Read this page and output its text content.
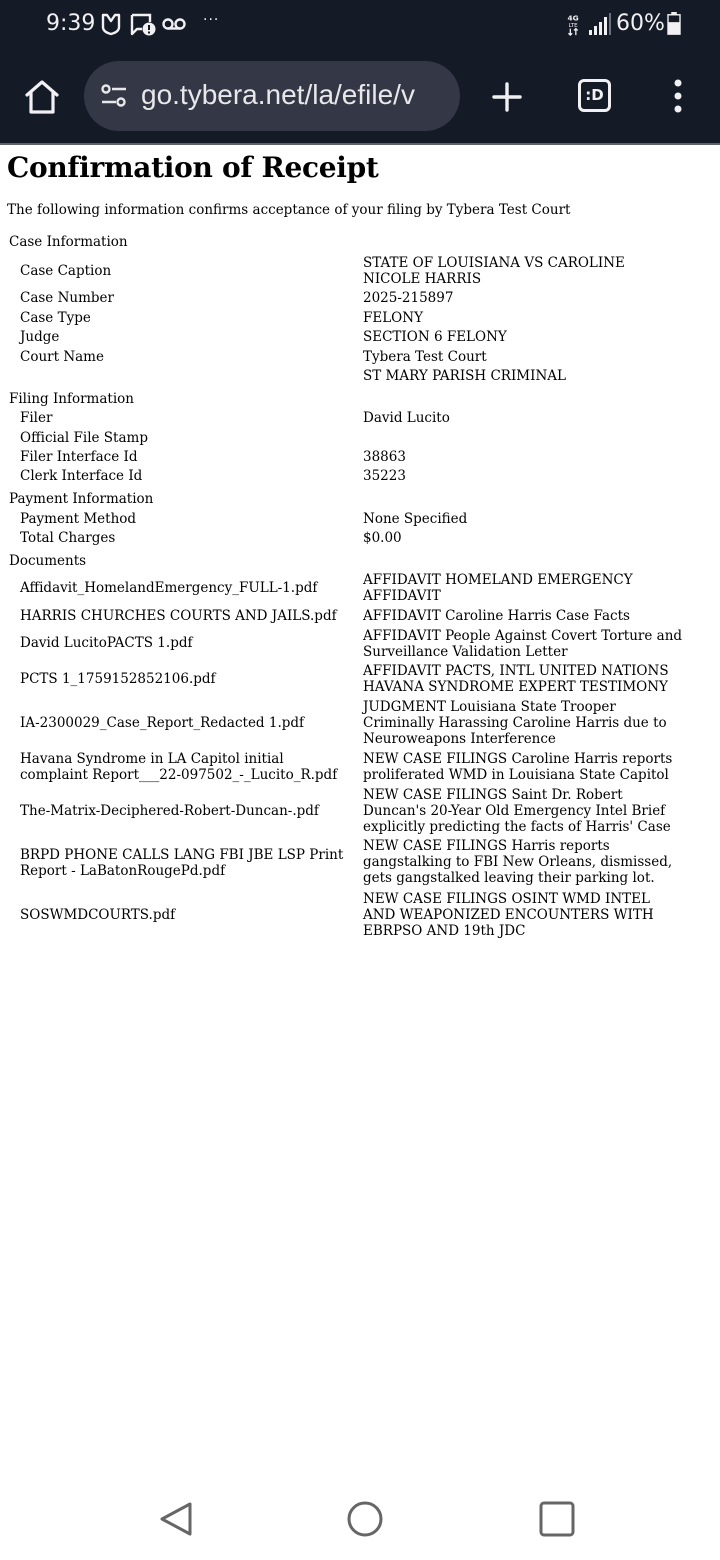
9:39	···	4G
LTE 60%
go.tybera.net/la/efile/v	:D
Confirmation of Receipt
The following information confirms acceptance of your filing by Tybera Test Court
Case Information
Case Caption	STATE OF LOUISIANA VS CAROLINE NICOLE HARRIS
Case Number	2025-215897
Case Type	FELONY
Judge	SECTION 6 FELONY
Court Name	Tybera Test Court
ST MARY PARISH CRIMINAL
Filing Information
Filer	David Lucito
Official File Stamp
Filer Interface Id	38863
Clerk Interface Id	35223
Payment Information
Payment Method	None Specified
Total Charges	$0.00
Documents
Affidavit_HomelandEmergency_FULL-1.pdf	AFFIDAVIT HOMELAND EMERGENCY AFFIDAVIT
HARRIS CHURCHES COURTS AND JAILS.pdf	AFFIDAVIT Caroline Harris Case Facts
David LucitoPACTS 1.pdf	AFFIDAVIT People Against Covert Torture and Surveillance Validation Letter
PCTS 1_1759152852106.pdf	AFFIDAVIT PACTS, INTL UNITED NATIONS HAVANA SYNDROME EXPERT TESTIMONY
IA-2300029_Case_Report_Redacted 1.pdf
JUDGMENT Louisiana State Trooper Criminally Harassing Caroline Harris due to Neuroweapons Interference
Havana Syndrome in LA Capitol initial complaint Report___22-097502_-_Lucito_R.pdf
NEW CASE FILINGS Caroline Harris reports proliferated WMD in Louisiana State Capitol
The-Matrix-Deciphered-Robert-Duncan-.pdf
NEW CASE FILINGS Saint Dr. Robert Duncan's 20-Year Old Emergency Intel Brief explicitly predicting the facts of Harris' Case
BRPD PHONE CALLS LANG FBI JBE LSP Print Report - LaBatonRougePd.pdf
NEW CASE FILINGS Harris reports gangstalking to FBI New Orleans, dismissed, gets gangstalked leaving their parking lot.
SOSWMDCOURTS.pdf
NEW CASE FILINGS OSINT WMD INTEL AND WEAPONIZED ENCOUNTERS WITH EBRPSO AND 19th JDC
